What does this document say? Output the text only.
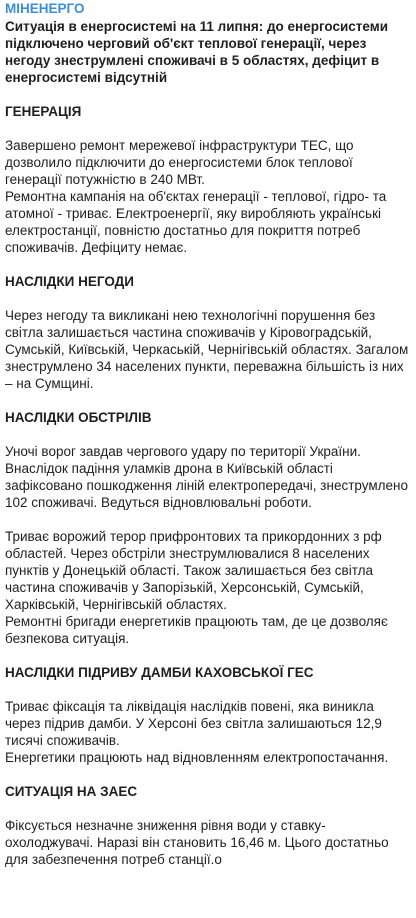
МІНЕНЕРГО
Ситуація в енергосистемі на 11 липня: до енергосистеми підключено черговий об'єкт теплової генерації, через негоду знеструмлені споживачі в 5 областях, дефіцит в енергосистемі відсутній
ГЕНЕРАЦІЯ
Завершено ремонт мережевої інфраструктури ТЕС, що дозволило підключити до енергосистеми блок теплової генерації потужністю в 240 МВт.
Ремонтна кампанія на об'єктах генерації - теплової, гідро- та атомної - триває. Електроенергії, яку виробляють українські електростанції, повністю достатньо для покриття потреб споживачів. Дефіциту немає.
НАСЛІДКИ НЕГОДИ
Через негоду та викликані нею технологічні порушення без світла залишається частина споживачів у Кіровоградській, Сумській, Київській, Черкаській, Чернігівській областях. Загалом знеструмлено 34 населених пункти, переважна більшість із них – на Сумщині.
НАСЛІДКИ ОБСТРІЛІВ
Уночі ворог завдав чергового удару по території України. Внаслідок падіння уламків дрона в Київській області зафіксовано пошкодження ліній електропередачі, знеструмлено 102 споживачі. Ведуться відновлювальні роботи.
Триває ворожий терор прифронтових та прикордонних з рф областей. Через обстріли знеструмлювалися 8 населених пунктів у Донецькій області. Також залишається без світла частина споживачів у Запорізькій, Херсонській, Сумській, Харківській, Чернігівській областях.
Ремонтні бригади енергетиків працюють там, де це дозволяє безпекова ситуація.
НАСЛІДКИ ПІДРИВУ ДАМБИ КАХОВСЬКОЇ ГЕС
Триває фіксація та ліквідація наслідків повені, яка виникла через підрив дамби. У Херсоні без світла залишаються 12,9 тисячі споживачів.
Енергетики працюють над відновленням електропостачання.
СИТУАЦІЯ НА ЗАЕС
Фіксується незначне зниження рівня води у ставку-охолоджувачі. Наразі він становить 16,46 м. Цього достатньо для забезпечення потреб станції.о
